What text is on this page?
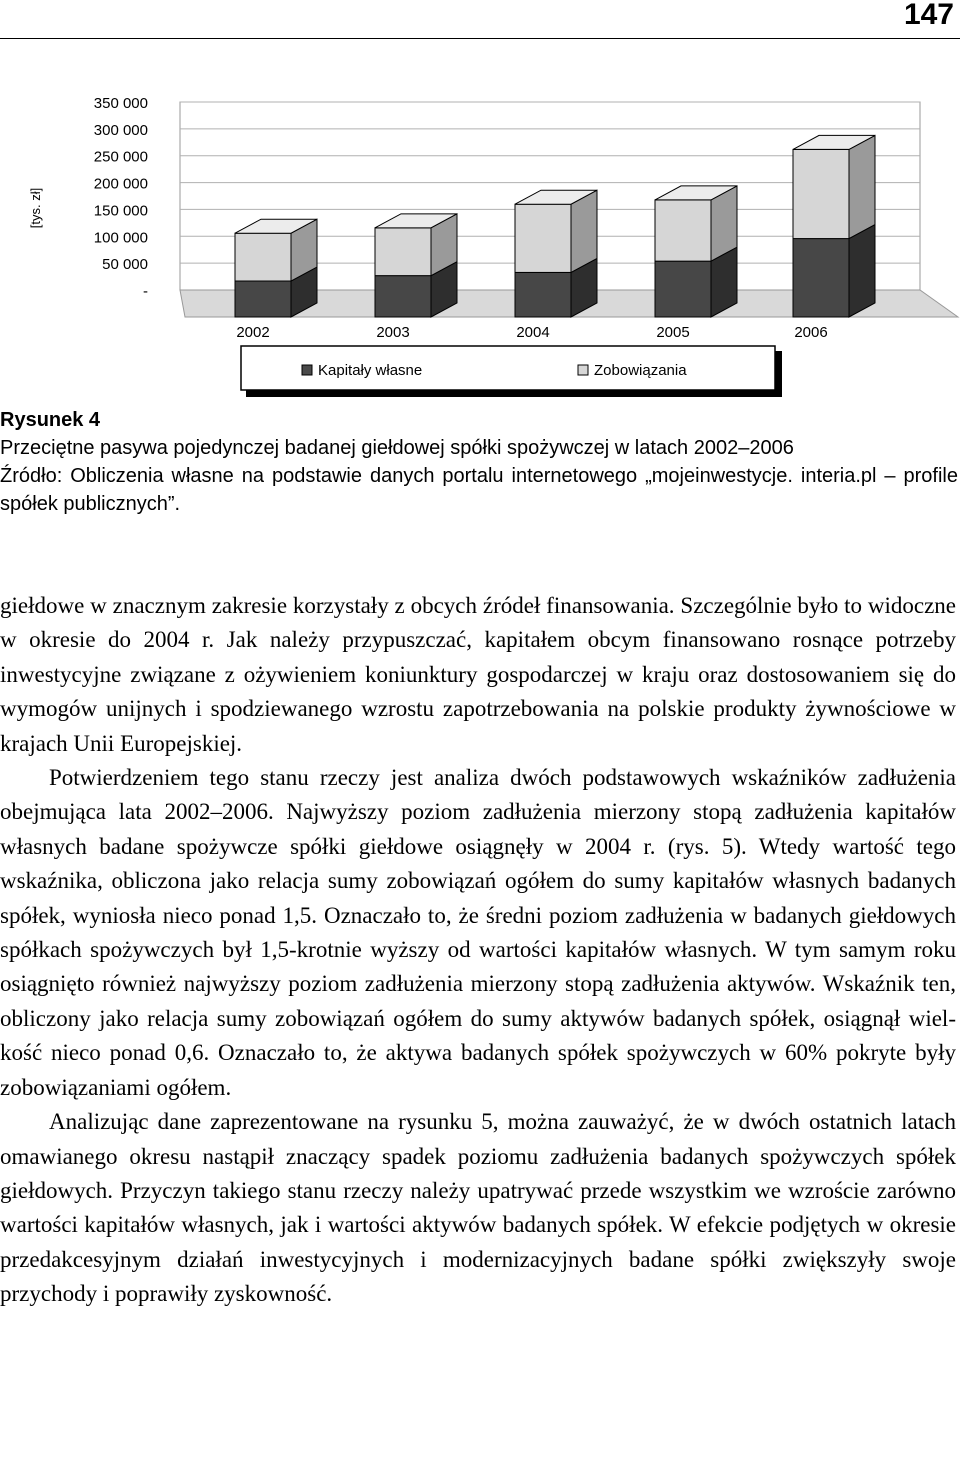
147
350 000
300 000
250 000
200 000
150 000
100 000
50 000
-
[tys. zł]
2002	2003	2004	2005	2006
Kapitały własne	Zobowiązania
Rysunek 4
Przeciętne pasywa pojedynczej badanej giełdowej spółki spożywczej w latach 2002–2006
Źródło: Obliczenia własne na podstawie danych portalu internetowego „mojeinwestycje. interia.pl – profile spółek publicznych”.

giełdowe w znacznym zakresie korzystały z obcych źródeł finansowania. Szczególnie było to widoczne w okresie do 2004 r. Jak należy przypuszczać, kapitałem obcym finansowano rosnące potrzeby inwestycyjne związane z ożywieniem koniunktury gospodarczej w kraju oraz dostosowaniem się do wymogów unijnych i spodziewanego wzrostu zapotrzebowania na polskie produkty żywnościowe w krajach Unii Europejskiej.

Potwierdzeniem tego stanu rzeczy jest analiza dwóch podstawowych wskaźników zadłużenia obejmująca lata 2002–2006. Najwyższy poziom zadłużenia mierzony stopą zadłużenia kapitałów własnych badane spożywcze spółki giełdowe osiągnęły w 2004 r. (rys. 5). Wtedy wartość tego wskaźnika, obliczona jako relacja sumy zobowiązań ogółem do sumy kapitałów własnych badanych spółek, wyniosła nieco ponad 1,5. Oznaczało to, że średni poziom zadłużenia w badanych giełdowych spółkach spożywczych był 1,5-krotnie wyższy od wartości kapitałów własnych. W tym samym roku osiągnięto również najwyższy poziom zadłużenia mierzony stopą zadłużenia aktywów. Wskaźnik ten, obliczony jako relacja sumy zobowiązań ogółem do sumy aktywów badanych spółek, osiągnął wielkość nieco ponad 0,6. Oznaczało to, że aktywa badanych spółek spożywczych w 60% pokryte były zobowiązaniami ogółem.

Analizując dane zaprezentowane na rysunku 5, można zauważyć, że w dwóch ostatnich latach omawianego okresu nastąpił znaczący spadek poziomu zadłużenia badanych spożywczych spółek giełdowych. Przyczyn takiego stanu rzeczy należy upatrywać przede wszystkim we wzroście zarówno wartości kapitałów własnych, jak i wartości aktywów badanych spółek. W efekcie podjętych w okresie przedakcesyjnym działań inwestycyjnych i modernizacyjnych badane spółki zwiększyły swoje przychody i poprawiły zyskowność.
